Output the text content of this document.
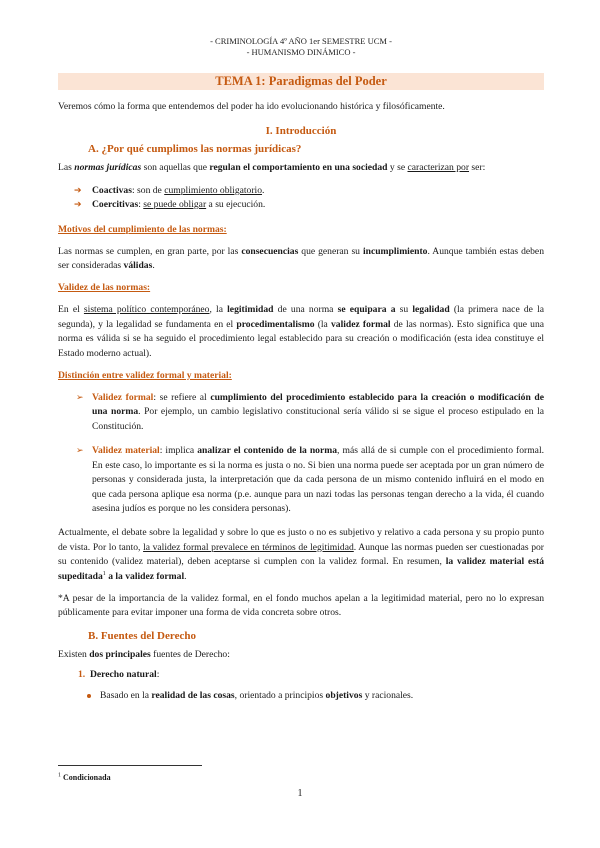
- CRIMINOLOGÍA 4º AÑO 1er SEMESTRE UCM -
- HUMANISMO DINÁMICO -
TEMA 1: Paradigmas del Poder

Veremos cómo la forma que entendemos del poder ha ido evolucionando histórica y filosóficamente.

I. Introducción
A. ¿Por qué cumplimos las normas jurídicas?

Las normas jurídicas son aquellas que regulan el comportamiento en una sociedad y se caracterizan por ser:

➔ Coactivas: son de cumplimiento obligatorio.
➔ Coercitivas: se puede obligar a su ejecución.
Motivos del cumplimiento de las normas:

Las normas se cumplen, en gran parte, por las consecuencias que generan su incumplimiento. Aunque también estas deben ser consideradas válidas.

Validez de las normas:

En el sistema político contemporáneo, la legitimidad de una norma se equipara a su legalidad (la primera nace de la segunda), y la legalidad se fundamenta en el procedimentalismo (la validez formal de las normas). Esto significa que una norma es válida si se ha seguido el procedimiento legal establecido para su creación o modificación (esta idea constituye el Estado moderno actual).

Distinción entre validez formal y material:
➢ Validez formal: se refiere al cumplimiento del procedimiento establecido para la creación o modificación de una norma. Por ejemplo, un cambio legislativo constitucional sería válido si se sigue el proceso estipulado en la Constitución.
➢ Validez material: implica analizar el contenido de la norma, más allá de si cumple con el procedimiento formal. En este caso, lo importante es si la norma es justa o no. Si bien una norma puede ser aceptada por un gran número de personas y considerada justa, la interpretación que da cada persona de un mismo contenido influirá en el modo en que cada persona aplique esa norma (p.e. aunque para un nazi todas las personas tengan derecho a la vida, él cuando asesina judíos es porque no les considera personas).

Actualmente, el debate sobre la legalidad y sobre lo que es justo o no es subjetivo y relativo a cada persona y su propio punto de vista. Por lo tanto, la validez formal prevalece en términos de legitimidad. Aunque las normas pueden ser cuestionadas por su contenido (validez material), deben aceptarse si cumplen con la validez formal. En resumen, la validez material está supeditada$^1$ a la validez formal.

*A pesar de la importancia de la validez formal, en el fondo muchos apelan a la legitimidad material, pero no lo expresan públicamente para evitar imponer una forma de vida concreta sobre otros.

B. Fuentes del Derecho

Existen dos principales fuentes de Derecho:

1. Derecho natural:
Basado en la realidad de las cosas, orientado a principios objetivos y racionales.
$^1$ Condicionada
1
